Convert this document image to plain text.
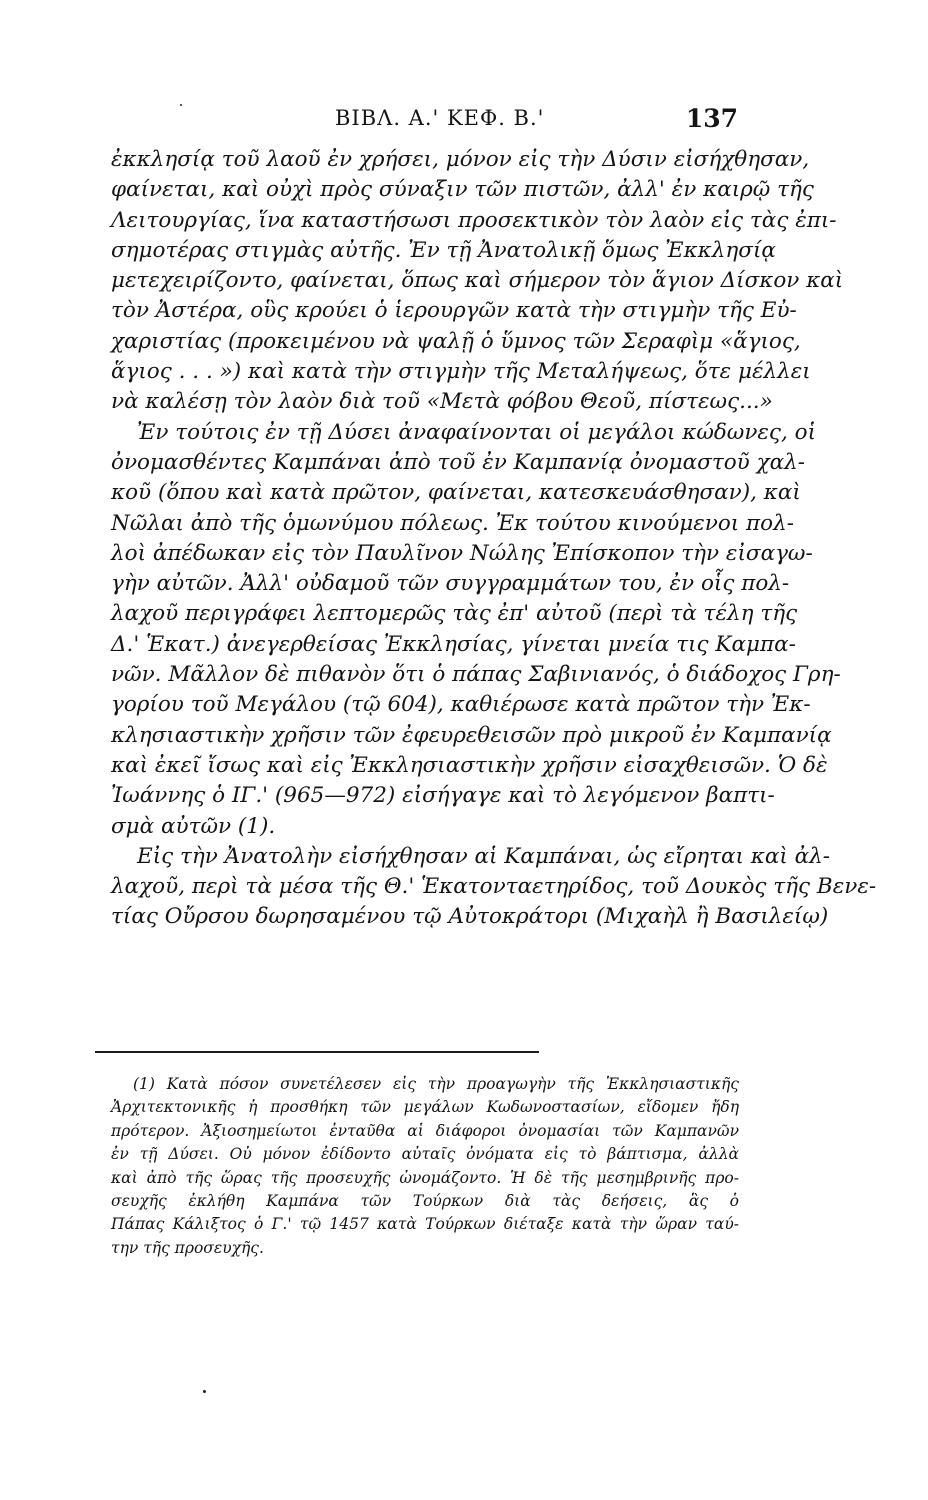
ΒΙΒΛ. Α.' ΚΕΦ. Β.'	137
ἐκκλησίᾳ τοῦ λαοῦ ἐν χρήσει, μόνον εἰς τὴν Δύσιν εἰσήχθησαν,
φαίνεται, καὶ οὐχὶ πρὸς σύναξιν τῶν πιστῶν, ἀλλ' ἐν καιρῷ τῆς
Λειτουργίας, ἵνα καταστήσωσι προσεκτικὸν τὸν λαὸν εἰς τὰς ἐπι-
σημοτέρας στιγμὰς αὐτῆς. Ἐν τῇ Ἀνατολικῇ ὅμως Ἐκκλησίᾳ
μετεχειρίζοντο, φαίνεται, ὅπως καὶ σήμερον τὸν ἅγιον Δίσκον καὶ
τὸν Ἀστέρα, οὓς κρούει ὁ ἱερουργῶν κατὰ τὴν στιγμὴν τῆς Εὐ-
χαριστίας (προκειμένου νὰ ψαλῇ ὁ ὕμνος τῶν Σεραφὶμ «ἅγιος,
ἅγιος . . . ») καὶ κατὰ τὴν στιγμὴν τῆς Μεταλήψεως, ὅτε μέλλει
νὰ καλέσῃ τὸν λαὸν διὰ τοῦ «Μετὰ φόβου Θεοῦ, πίστεως...»
Ἐν τούτοις ἐν τῇ Δύσει ἀναφαίνονται οἱ μεγάλοι κώδωνες, οἱ
ὀνομασθέντες Καμπάναι ἀπὸ τοῦ ἐν Καμπανίᾳ ὀνομαστοῦ χαλ-
κοῦ (ὅπου καὶ κατὰ πρῶτον, φαίνεται, κατεσκευάσθησαν), καὶ
Νῶλαι ἀπὸ τῆς ὁμωνύμου πόλεως. Ἐκ τούτου κινούμενοι πολ-
λοὶ ἀπέδωκαν εἰς τὸν Παυλῖνον Νώλης Ἐπίσκοπον τὴν εἰσαγω-
γὴν αὐτῶν. Ἀλλ' οὐδαμοῦ τῶν συγγραμμάτων του, ἐν οἷς πολ-
λαχοῦ περιγράφει λεπτομερῶς τὰς ἐπ' αὐτοῦ (περὶ τὰ τέλη τῆς
Δ.' Ἑκατ.) ἀνεγερθείσας Ἐκκλησίας, γίνεται μνεία τις Καμπα-
νῶν. Μᾶλλον δὲ πιθανὸν ὅτι ὁ πάπας Σαβινιανός, ὁ διάδοχος Γρη-
γορίου τοῦ Μεγάλου (τῷ 604), καθιέρωσε κατὰ πρῶτον τὴν Ἐκ-
κλησιαστικὴν χρῆσιν τῶν ἐφευρεθεισῶν πρὸ μικροῦ ἐν Καμπανίᾳ
καὶ ἐκεῖ ἴσως καὶ εἰς Ἐκκλησιαστικὴν χρῆσιν εἰσαχθεισῶν. Ὁ δὲ
Ἰωάννης ὁ ΙΓ.' (965—972) εἰσήγαγε καὶ τὸ λεγόμενον βαπτι-
σμὰ αὐτῶν (1).
Εἰς τὴν Ἀνατολὴν εἰσήχθησαν αἱ Καμπάναι, ὡς εἴρηται καὶ ἀλ-
λαχοῦ, περὶ τὰ μέσα τῆς Θ.' Ἑκατονταετηρίδος, τοῦ Δουκὸς τῆς Βενε-
τίας Οὔρσου δωρησαμένου τῷ Αὐτοκράτορι (Μιχαὴλ ἢ Βασιλείῳ)
(1) Κατὰ πόσον συνετέλεσεν εἰς τὴν προαγωγὴν τῆς Ἐκκλησιαστικῆς
Ἀρχιτεκτονικῆς ἡ προσθήκη τῶν μεγάλων Κωδωνοστασίων, εἴδομεν ἤδη
πρότερον. Ἀξιοσημείωτοι ἐνταῦθα αἱ διάφοροι ὀνομασίαι τῶν Καμπανῶν
ἐν τῇ Δύσει. Οὐ μόνον ἐδίδοντο αὐταῖς ὀνόματα εἰς τὸ βάπτισμα, ἀλλὰ
καὶ ἀπὸ τῆς ὥρας τῆς προσευχῆς ὠνομάζοντο. Ἡ δὲ τῆς μεσημβρινῆς προ-
σευχῆς ἐκλήθη Καμπάνα τῶν Τούρκων διὰ τὰς δεήσεις, ἃς ὁ
Πάπας Κάλιξτος ὁ Γ.' τῷ 1457 κατὰ Τούρκων διέταξε κατὰ τὴν ὥραν ταύ-
την τῆς προσευχῆς.
